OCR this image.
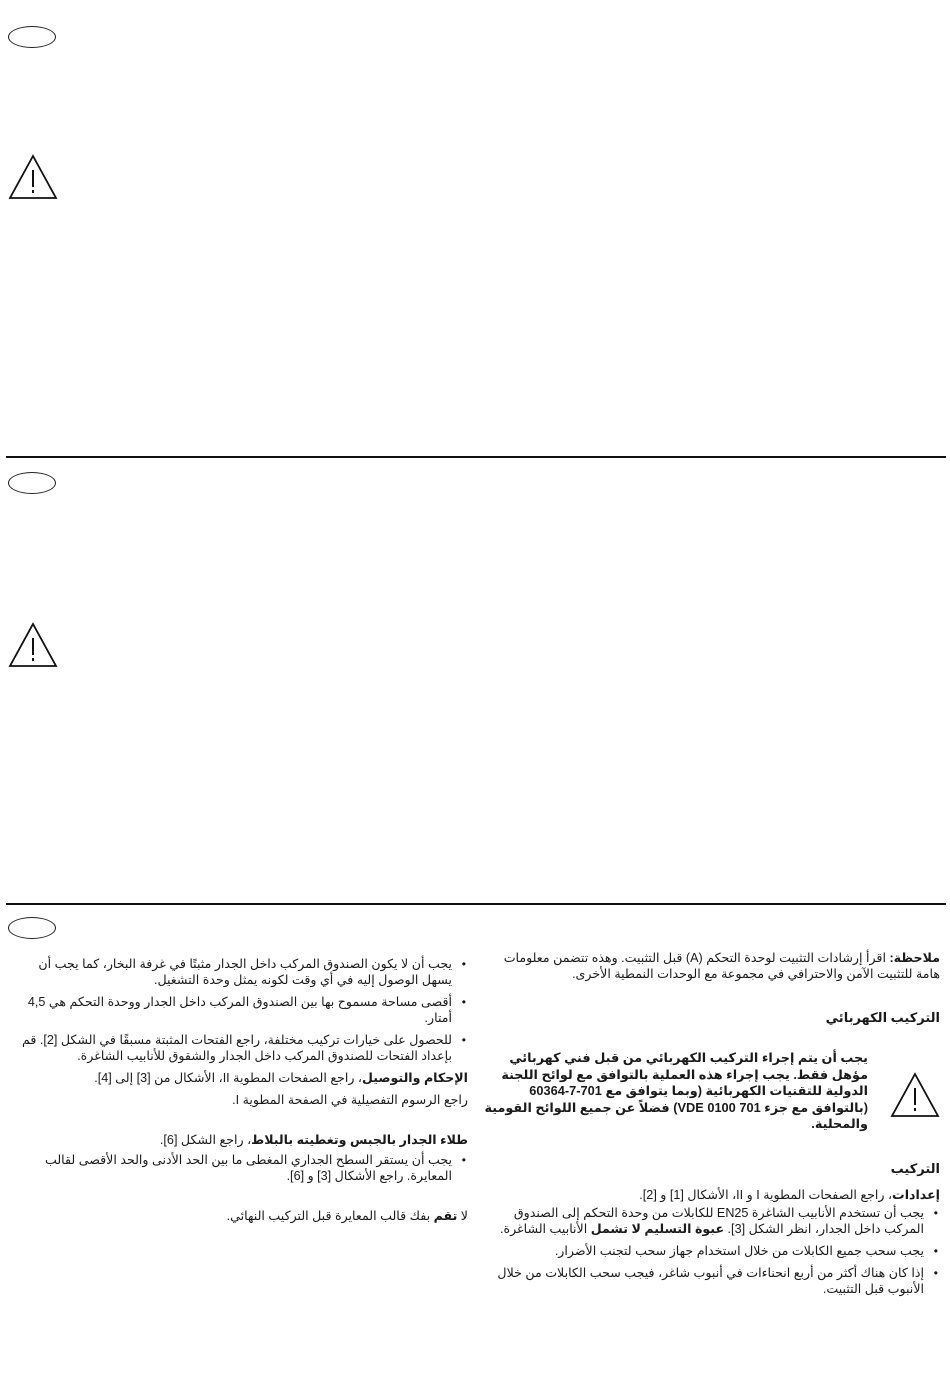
ملاحظة: اقرأ إرشادات التثبيت لوحدة التحكم (A) قبل التثبيت. وهذه تتضمن معلومات هامة للتثبيت الآمن والاحترافي في مجموعة مع الوحدات النمطية الأخرى.

التركيب الكهربائي

يجب أن يتم إجراء التركيب الكهربائي من قبل فني كهربائي مؤهل فقط. يجب إجراء هذه العملية بالتوافق مع لوائح اللجنة الدولية للتقنيات الكهربائية (وبما يتوافق مع 701-7-60364 (بالتوافق مع جزء 701 VDE 0100) فضلاً عن جميع اللوائح القومية والمحلية.

التركيب

إعدادات، راجع الصفحات المطوية I و II، الأشكال [1] و [2].

• يجب أن تستخدم الأنابيب الشاغرة EN25 للكابلات من وحدة التحكم إلى الصندوق المركب داخل الجدار، انظر الشكل [3]. عبوة التسليم لا تشمل الأنابيب الشاغرة.
• يجب سحب جميع الكابلات من خلال استخدام جهاز سحب لتجنب الأضرار.
• إذا كان هناك أكثر من أربع انحناءات في أنبوب شاغر، فيجب سحب الكابلات من خلال الأنبوب قبل التثبيت.
• يجب أن لا يكون الصندوق المركب داخل الجدار مثبتًا في غرفة البخار، كما يجب أن يسهل الوصول إليه في أي وقت لكونه يمثل وحدة التشغيل.
• أقصى مساحة مسموح بها بين الصندوق المركب داخل الجدار ووحدة التحكم هي 4,5 أمتار.
• للحصول على خيارات تركيب مختلفة، راجع الفتحات المثبتة مسبقًا في الشكل [2]. قم بإعداد الفتحات للصندوق المركب داخل الجدار والشقوق للأنابيب الشاغرة.

الإحكام والتوصيل، راجع الصفحات المطوية II، الأشكال من [3] إلى [4].

راجع الرسوم التفصيلية في الصفحة المطوية I.

طلاء الجدار بالجبس وتغطيته بالبلاط، راجع الشكل [6].

• يجب أن يستقر السطح الجداري المغطى ما بين الحد الأدنى والحد الأقصى لقالب المعايرة. راجع الأشكال [3] و [6].

لا تقم بفك قالب المعايرة قبل التركيب النهائي.
